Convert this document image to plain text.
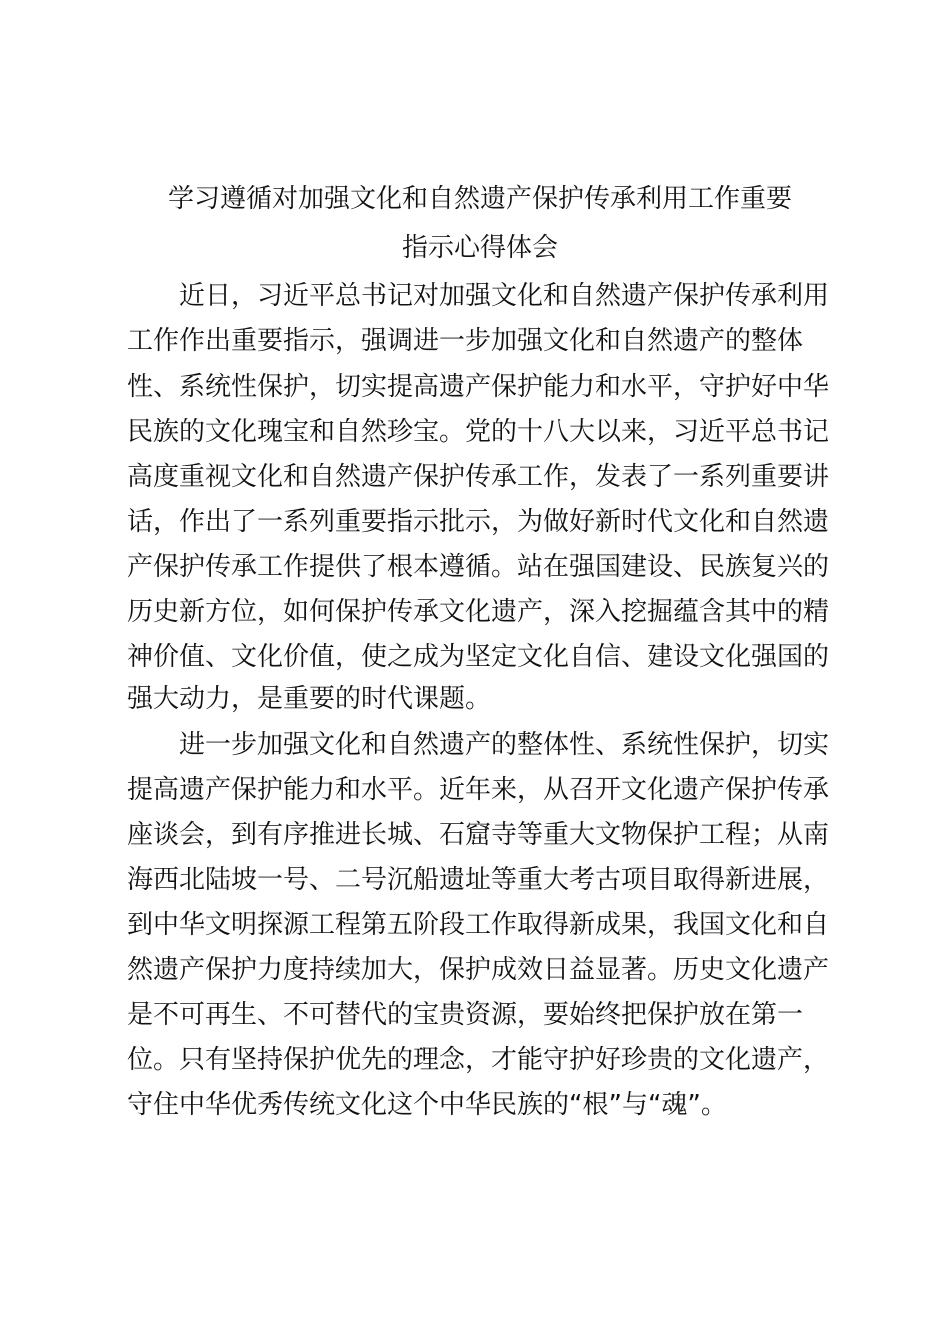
学习遵循对加强文化和自然遗产保护传承利用工作重要
指示心得体会

近日，习近平总书记对加强文化和自然遗产保护传承利用

工作作出重要指示，强调进一步加强文化和自然遗产的整体

性、系统性保护，切实提高遗产保护能力和水平，守护好中华

民族的文化瑰宝和自然珍宝。党的十八大以来，习近平总书记

高度重视文化和自然遗产保护传承工作，发表了一系列重要讲

话，作出了一系列重要指示批示，为做好新时代文化和自然遗

产保护传承工作提供了根本遵循。站在强国建设、民族复兴的

历史新方位，如何保护传承文化遗产，深入挖掘蕴含其中的精

神价值、文化价值，使之成为坚定文化自信、建设文化强国的

强大动力，是重要的时代课题。

进一步加强文化和自然遗产的整体性、系统性保护，切实

提高遗产保护能力和水平。近年来，从召开文化遗产保护传承

座谈会，到有序推进长城、石窟寺等重大文物保护工程；从南

海西北陆坡一号、二号沉船遗址等重大考古项目取得新进展，

到中华文明探源工程第五阶段工作取得新成果，我国文化和自

然遗产保护力度持续加大，保护成效日益显著。历史文化遗产

是不可再生、不可替代的宝贵资源，要始终把保护放在第一

位。只有坚持保护优先的理念，才能守护好珍贵的文化遗产，

守住中华优秀传统文化这个中华民族的“根”与“魂”。
